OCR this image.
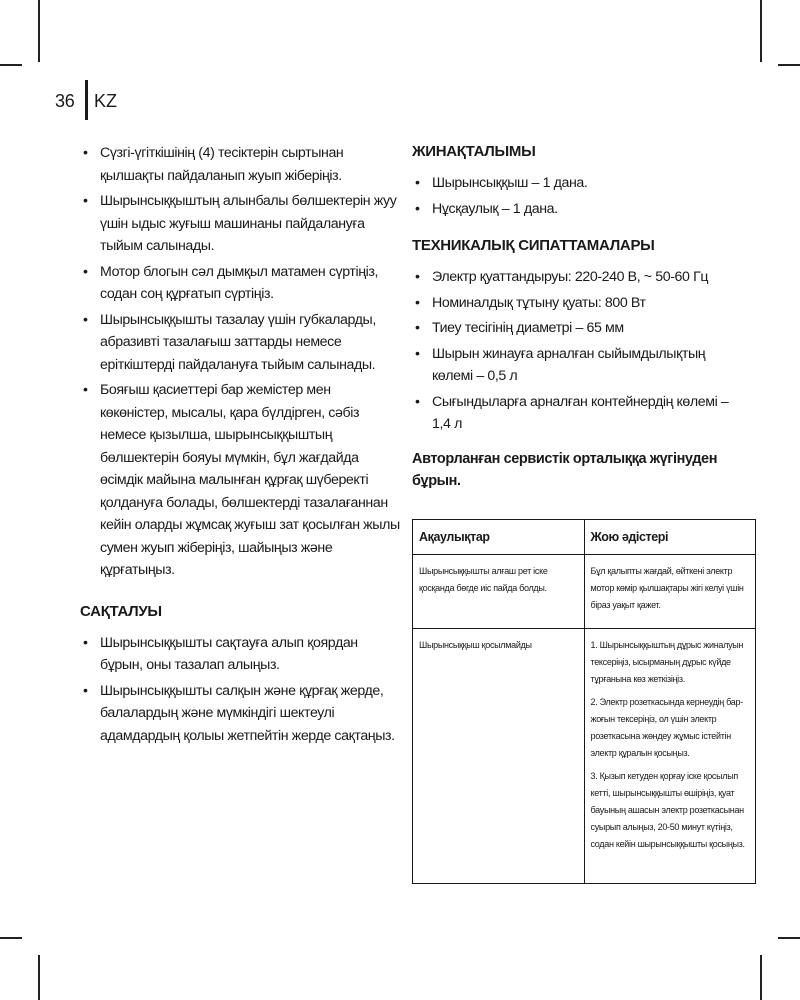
36 KZ
• Сүзгі-үгіткішінің (4) тесіктерін сыртынан қылшақты пайдаланып жуып жіберіңіз.
• Шырынсыққыштың алынбалы бөлшектерін жуу үшін ыдыс жуғыш машинаны пайдалануға тыйым салынады.
• Мотор блогын сәл дымқыл матамен сүртіңіз, содан соң құрғатып сүртіңіз.
• Шырынсыққышты тазалау үшін губкаларды, абразивті тазалағыш заттарды немесе еріткіштерді пайдалануға тыйым салынады.
• Бояғыш қасиеттері бар жемістер мен көкөністер, мысалы, қара бүлдірген, сәбіз немесе қызылша, шырынсыққыштың бөлшектерін бояуы мүмкін, бұл жағдайда өсімдік майына малынған құрғақ шүберекті қолдануға болады, бөлшектерді тазалағаннан кейін оларды жұмсақ жуғыш зат қосылған жылы сумен жуып жіберіңіз, шайыңыз және құрғатыңыз.
САҚТАЛУЫ
• Шырынсыққышты сақтауға алып қоярдан бұрын, оны тазалап алыңыз.
• Шырынсыққышты салқын және құрғақ жерде, балалардың және мүмкіндігі шектеулі адамдардың қолыы жетпейтін жерде сақтаңыз.
ЖИНАҚТАЛЫМЫ
• Шырынсыққыш – 1 дана.
• Нұсқаулық – 1 дана.
ТЕХНИКАЛЫҚ СИПАТТАМАЛАРЫ
• Электр қуаттандыруы: 220-240 В, ~ 50-60 Гц
• Номиналдық тұтыну қуаты: 800 Вт
• Тиеу тесігінің диаметрі – 65 мм
• Шырын жинауға арналған сыйымдылықтың көлемі – 0,5 л
• Сығындыларға арналған контейнердің көлемі – 1,4 л

Авторланған сервистік орталыққа жүгінуден бұрын.

Ақаулықтар	Жою әдістері
Шырынсыққышты алғаш рет іске қосқанда бөгде иіс пайда болды.	Бұл қалыпты жағдай, өйткені электр мотор көмір қылшақтары жігі келуі үшін біраз уақыт қажет.

Шырынсыққыш қосылмайды	1. Шырынсыққыштың дұрыс жиналуын тексеріңіз, ысырманың дұрыс күйде тұрғанына көз жеткізіңіз.
2. Электр розеткасында кернеудің бар-жоғын тексеріңіз, ол үшін электр розеткасына жөндеу жұмыс істейтін электр құралын қосыңыз.
3. Қызып кетуден қорғау іске қосылып кетті, шырынсыққышты өшіріңіз, қуат бауының ашасын электр розеткасынан суырып алыңыз, 20-50 минут күтіңіз, содан кейін шырынсыққышты қосыңыз.
